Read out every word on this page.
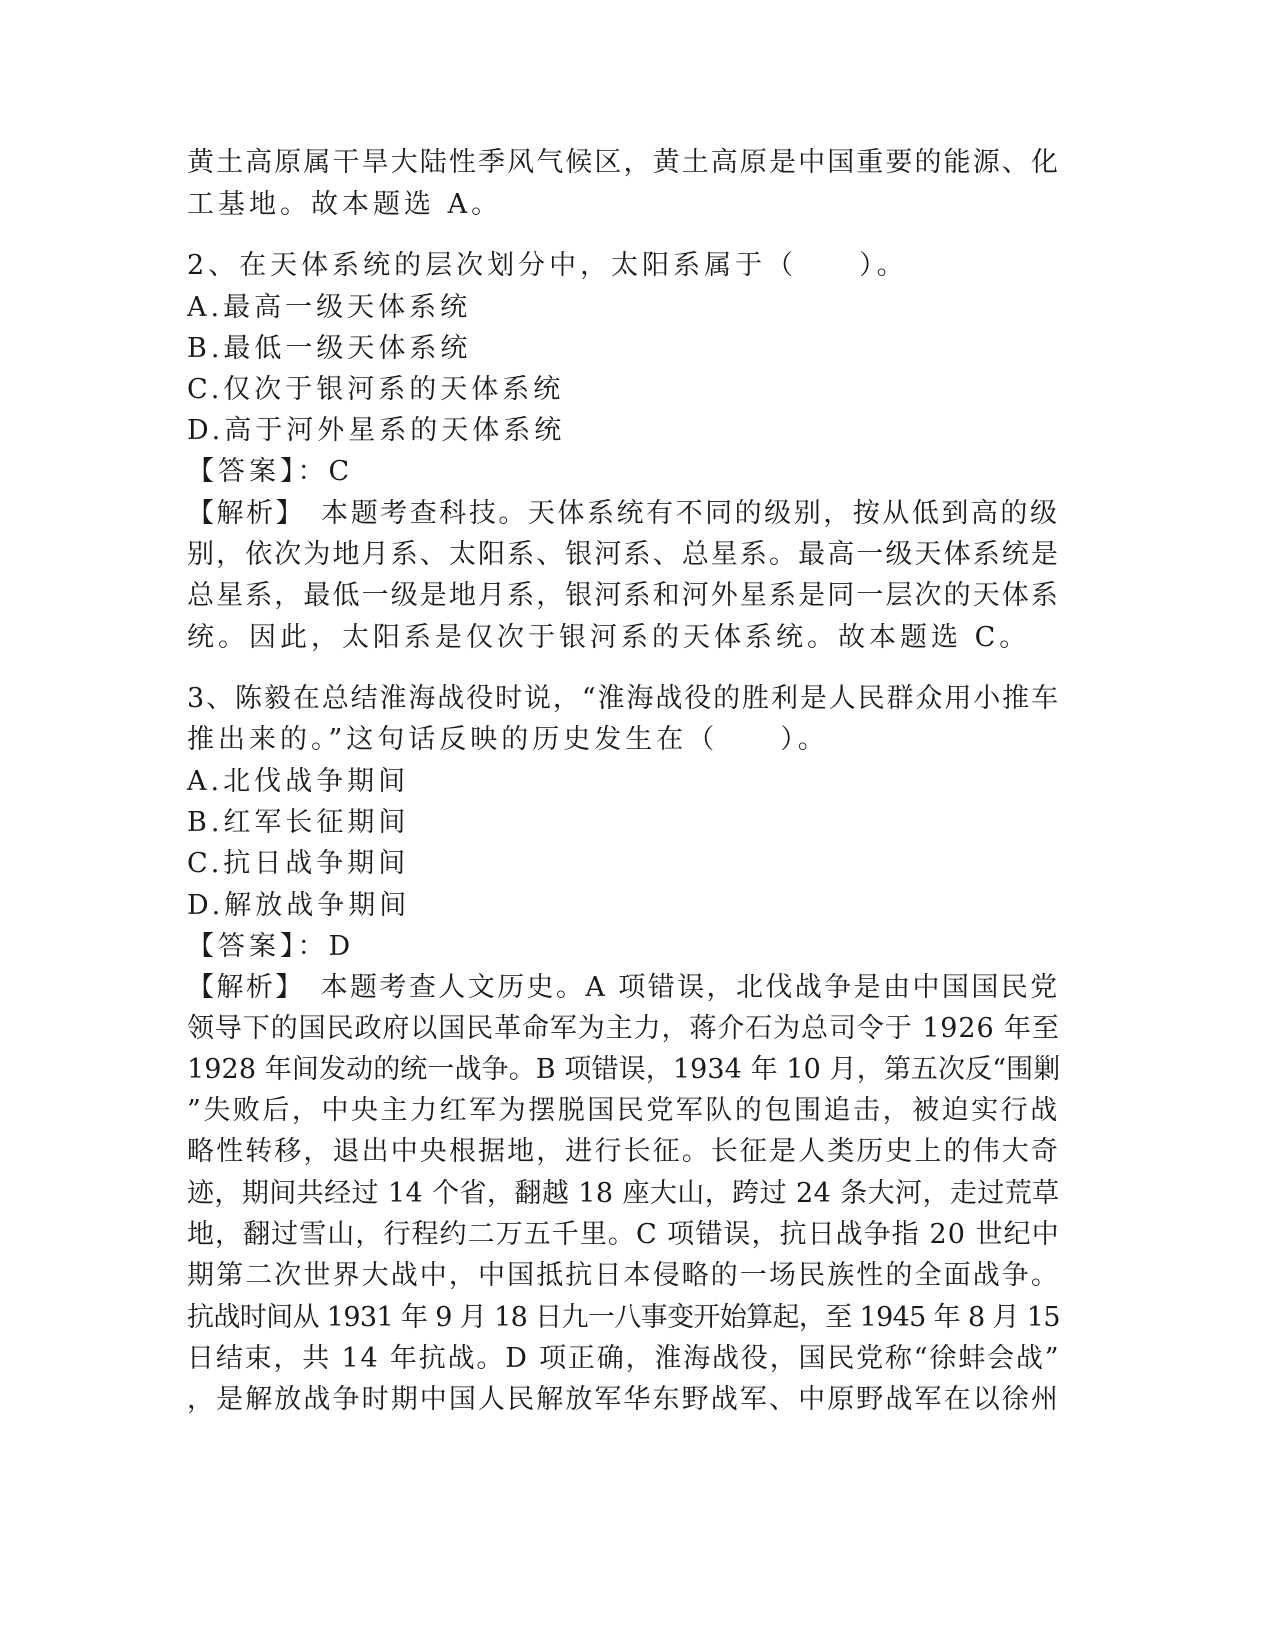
黄土高原属干旱大陆性季风气候区，黄土高原是中国重要的能源、化
工基地。故本题选 A。
2、在天体系统的层次划分中，太阳系属于（　　）。
A.最高一级天体系统
B.最低一级天体系统
C.仅次于银河系的天体系统
D.高于河外星系的天体系统
【答案】：C
【解析】　本题考查科技。天体系统有不同的级别，按从低到高的级
别，依次为地月系、太阳系、银河系、总星系。最高一级天体系统是
总星系，最低一级是地月系，银河系和河外星系是同一层次的天体系
统。因此，太阳系是仅次于银河系的天体系统。故本题选 C。
3、陈毅在总结淮海战役时说，“淮海战役的胜利是人民群众用小推车
推出来的。”这句话反映的历史发生在（　　）。
A.北伐战争期间
B.红军长征期间
C.抗日战争期间
D.解放战争期间
【答案】：D
【解析】　本题考查人文历史。A 项错误，北伐战争是由中国国民党
领导下的国民政府以国民革命军为主力，蒋介石为总司令于 1926 年至
1928 年间发动的统一战争。B 项错误，1934 年 10 月，第五次反“围剿
”失败后，中央主力红军为摆脱国民党军队的包围追击，被迫实行战
略性转移，退出中央根据地，进行长征。长征是人类历史上的伟大奇
迹，期间共经过 14 个省，翻越 18 座大山，跨过 24 条大河，走过荒草
地，翻过雪山，行程约二万五千里。C 项错误，抗日战争指 20 世纪中
期第二次世界大战中，中国抵抗日本侵略的一场民族性的全面战争。
抗战时间从 1931 年 9 月 18 日九一八事变开始算起，至 1945 年 8 月 15
日结束，共 14 年抗战。D 项正确，淮海战役，国民党称“徐蚌会战”
，是解放战争时期中国人民解放军华东野战军、中原野战军在以徐州
